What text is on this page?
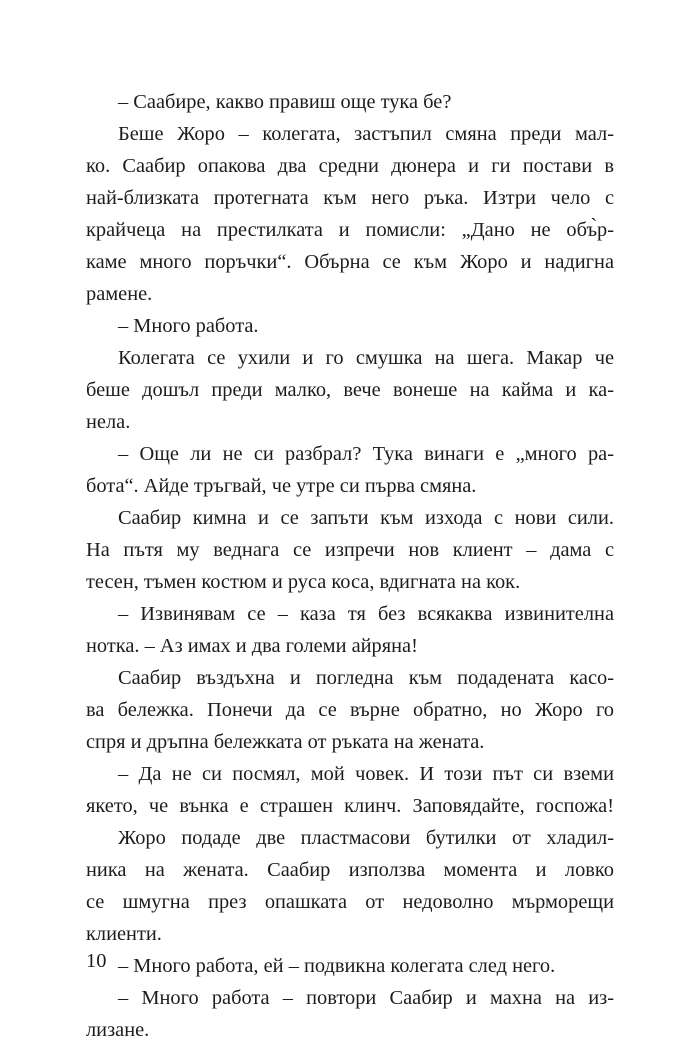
– Саабире, какво правиш още тука бе?
Беше Жоро – колегата, застъпил смяна преди мал-
ко. Саабир опакова два средни дюнера и ги постави в
най-близката протегната към него ръка. Изтри чело с
крайчеца на престилката и помисли: „Дано не объ̀р-
каме много поръчки“. Обърна се към Жоро и надигна
рамене.
– Много работа.
Колегата се ухили и го смушка на шега. Макар че
беше дошъл преди малко, вече вонеше на кайма и ка-
нела.
– Още ли не си разбрал? Тука винаги е „много ра-
бота“. Айде тръгвай, че утре си първа смяна.
Саабир кимна и се запъти към изхода с нови сили.
На пътя му веднага се изпречи нов клиент – дама с
тесен, тъмен костюм и руса коса, вдигната на кок.
– Извинявам се – каза тя без всякаква извинителна
нотка. – Аз имах и два големи айряна!
Саабир въздъхна и погледна към подадената касо-
ва бележка. Понечи да се върне обратно, но Жоро го
спря и дръпна бележката от ръката на жената.
– Да не си посмял, мой човек. И този път си вземи
якето, че вънка е страшен клинч. Заповядайте, госпожа!
Жоро подаде две пластмасови бутилки от хладил-
ника на жената. Саабир използва момента и ловко
се шмугна през опашката от недоволно мърморещи
клиенти.
– Много работа, ей – подвикна колегата след него.
– Много работа – повтори Саабир и махна на из-
лизане.
10
